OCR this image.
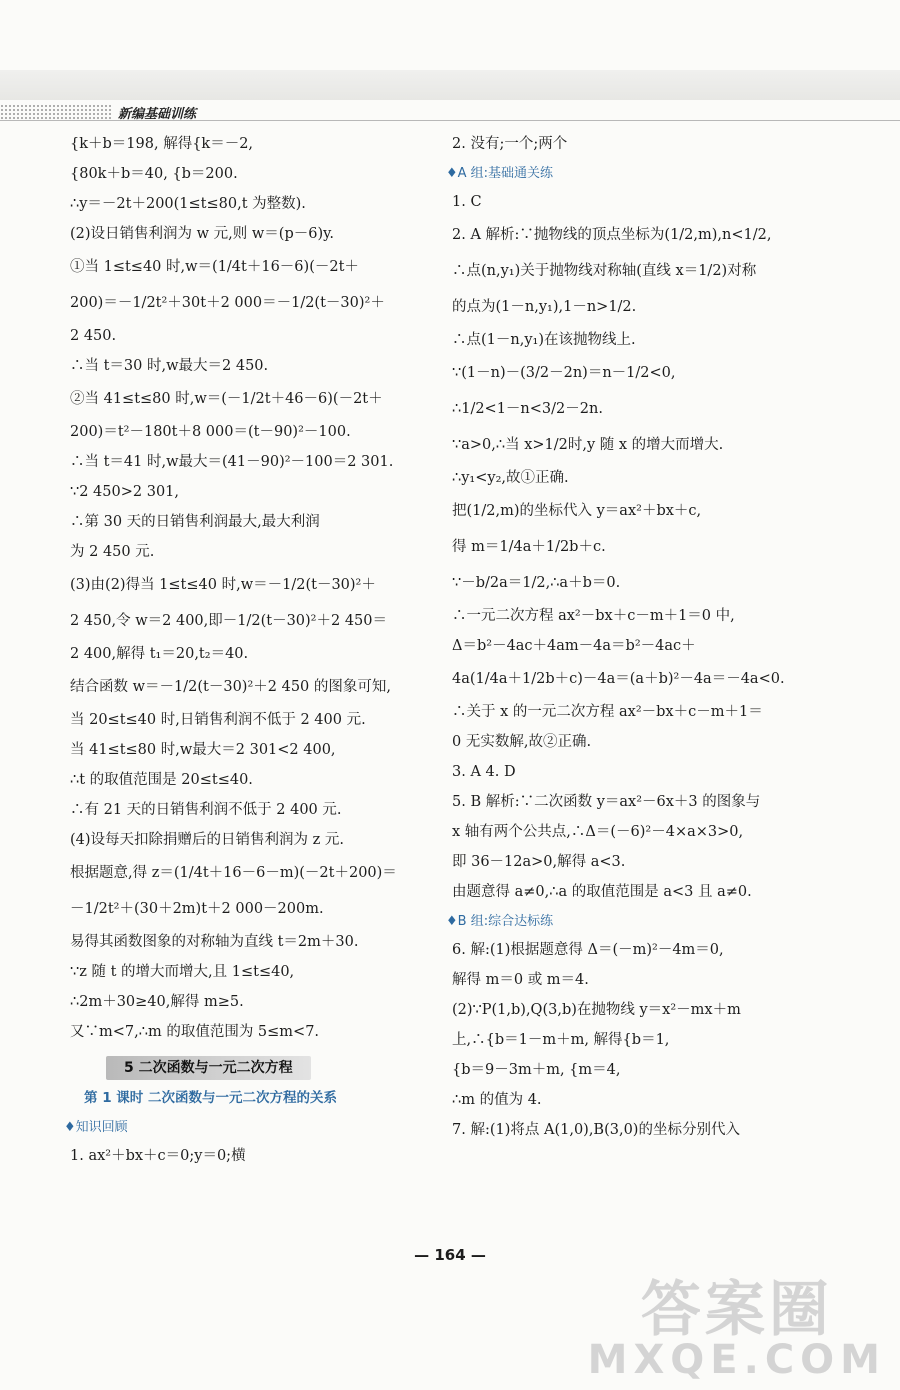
新编基础训练

{k＋b＝198, 解得{k＝－2,

{80k＋b＝40, {b＝200.

∴y＝－2t＋200(1≤t≤80,t 为整数).

(2)设日销售利润为 w 元,则 w＝(p－6)y.

①当 1≤t≤40 时,w＝(1/4t＋16－6)(－2t＋

200)＝－1/2t²＋30t＋2 000＝－1/2(t－30)²＋

2 450.

∴当 t＝30 时,w最大＝2 450.

②当 41≤t≤80 时,w＝(－1/2t＋46－6)(－2t＋

200)＝t²－180t＋8 000＝(t－90)²－100.

∴当 t＝41 时,w最大＝(41－90)²－100＝2 301.

∵2 450>2 301,

∴第 30 天的日销售利润最大,最大利润

为 2 450 元.

(3)由(2)得当 1≤t≤40 时,w＝－1/2(t－30)²＋

2 450,令 w＝2 400,即－1/2(t－30)²＋2 450＝

2 400,解得 t₁＝20,t₂＝40.

结合函数 w＝－1/2(t－30)²＋2 450 的图象可知,

当 20≤t≤40 时,日销售利润不低于 2 400 元.

当 41≤t≤80 时,w最大＝2 301<2 400,

∴t 的取值范围是 20≤t≤40.

∴有 21 天的日销售利润不低于 2 400 元.

(4)设每天扣除捐赠后的日销售利润为 z 元.

根据题意,得 z＝(1/4t＋16－6－m)(－2t＋200)＝

－1/2t²＋(30＋2m)t＋2 000－200m.

易得其函数图象的对称轴为直线 t＝2m＋30.

∵z 随 t 的增大而增大,且 1≤t≤40,

∴2m＋30≥40,解得 m≥5.

又∵m<7,∴m 的取值范围为 5≤m<7.

5 二次函数与一元二次方程

第 1 课时 二次函数与一元二次方程的关系

♦知识回顾

1. ax²＋bx＋c＝0;y＝0;横

2. 没有;一个;两个

♦A 组:基础通关练

1. C

2. A 解析:∵抛物线的顶点坐标为(1/2,m),n<1/2,

∴点(n,y₁)关于抛物线对称轴(直线 x＝1/2)对称

的点为(1－n,y₁),1－n>1/2.

∴点(1－n,y₁)在该抛物线上.

∵(1－n)－(3/2－2n)＝n－1/2<0,

∴1/2<1－n<3/2－2n.

∵a>0,∴当 x>1/2时,y 随 x 的增大而增大.

∴y₁<y₂,故①正确.

把(1/2,m)的坐标代入 y＝ax²＋bx＋c,

得 m＝1/4a＋1/2b＋c.

∵－b/2a＝1/2,∴a＋b＝0.

∴一元二次方程 ax²－bx＋c－m＋1＝0 中,

Δ＝b²－4ac＋4am－4a＝b²－4ac＋

4a(1/4a＋1/2b＋c)－4a＝(a＋b)²－4a＝－4a<0.

∴关于 x 的一元二次方程 ax²－bx＋c－m＋1＝

0 无实数解,故②正确.

3. A 4. D

5. B 解析:∵二次函数 y＝ax²－6x＋3 的图象与

x 轴有两个公共点,∴Δ＝(－6)²－4×a×3>0,

即 36－12a>0,解得 a<3.

由题意得 a≠0,∴a 的取值范围是 a<3 且 a≠0.

♦B 组:综合达标练

6. 解:(1)根据题意得 Δ＝(－m)²－4m＝0,

解得 m＝0 或 m＝4.

(2)∵P(1,b),Q(3,b)在抛物线 y＝x²－mx＋m

上,∴{b＝1－m＋m, 解得{b＝1,

{b＝9－3m＋m, {m＝4,

∴m 的值为 4.

7. 解:(1)将点 A(1,0),B(3,0)的坐标分别代入

— 164 —
答案圈
MXQE.COM
